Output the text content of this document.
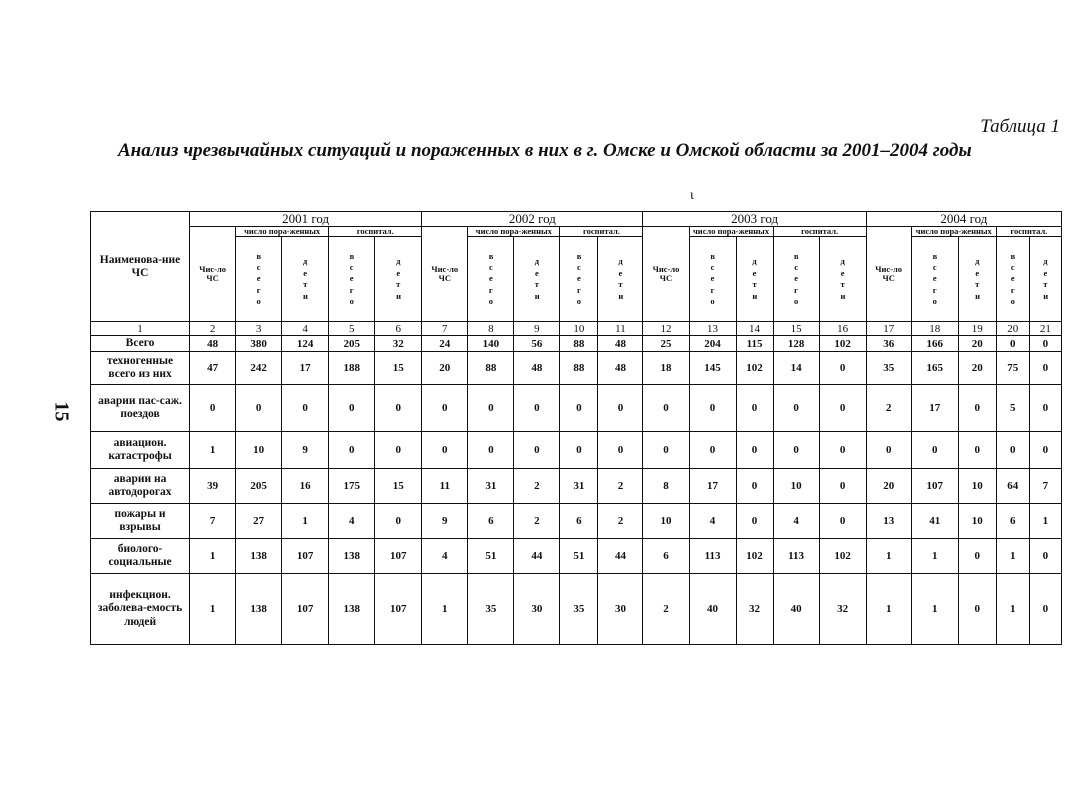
15
Таблица 1
Анализ чрезвычайных ситуаций и пораженных в них в г. Омске и Омской области за 2001–2004 годы
ι
Наименова-ние ЧС	2001 год					2002 год					2003 год					2004 год				
	Чис-ло ЧС	число пора-женных		госпитал.		Чис-ло ЧС	число пора-женных		госпитал.		Чис-ло ЧС	число пора-женных		госпитал.		Чис-ло ЧС	число пора-женных		госпитал.	

		всего	дети	всего	дети		всего	дети	всего	дети		всего	дети	всего	дети		всего	дети	всего	дети

1	2	3	4	5	6	7	8	9	10	11	12	13	14	15	16	17	18	19	20	21
Всего	48	380	124	205	32	24	140	56	88	48	25	204	115	128	102	36	166	20	0	0
техногенные всего из них	47	242	17	188	15	20	88	48	88	48	18	145	102	14	0	35	165	20	75	0
аварии пас-саж. поездов	0	0	0	0	0	0	0	0	0	0	0	0	0	0	0	2	17	0	5	0
авиацион. катастрофы	1	10	9	0	0	0	0	0	0	0	0	0	0	0	0	0	0	0	0	0
аварии на автодорогах	39	205	16	175	15	11	31	2	31	2	8	17	0	10	0	20	107	10	64	7
пожары и взрывы	7	27	1	4	0	9	6	2	6	2	10	4	0	4	0	13	41	10	6	1
биолого-социальные	1	138	107	138	107	4	51	44	51	44	6	113	102	113	102	1	1	0	1	0
инфекцион. заболева-емость людей	1	138	107	138	107	1	35	30	35	30	2	40	32	40	32	1	1	0	1	0
